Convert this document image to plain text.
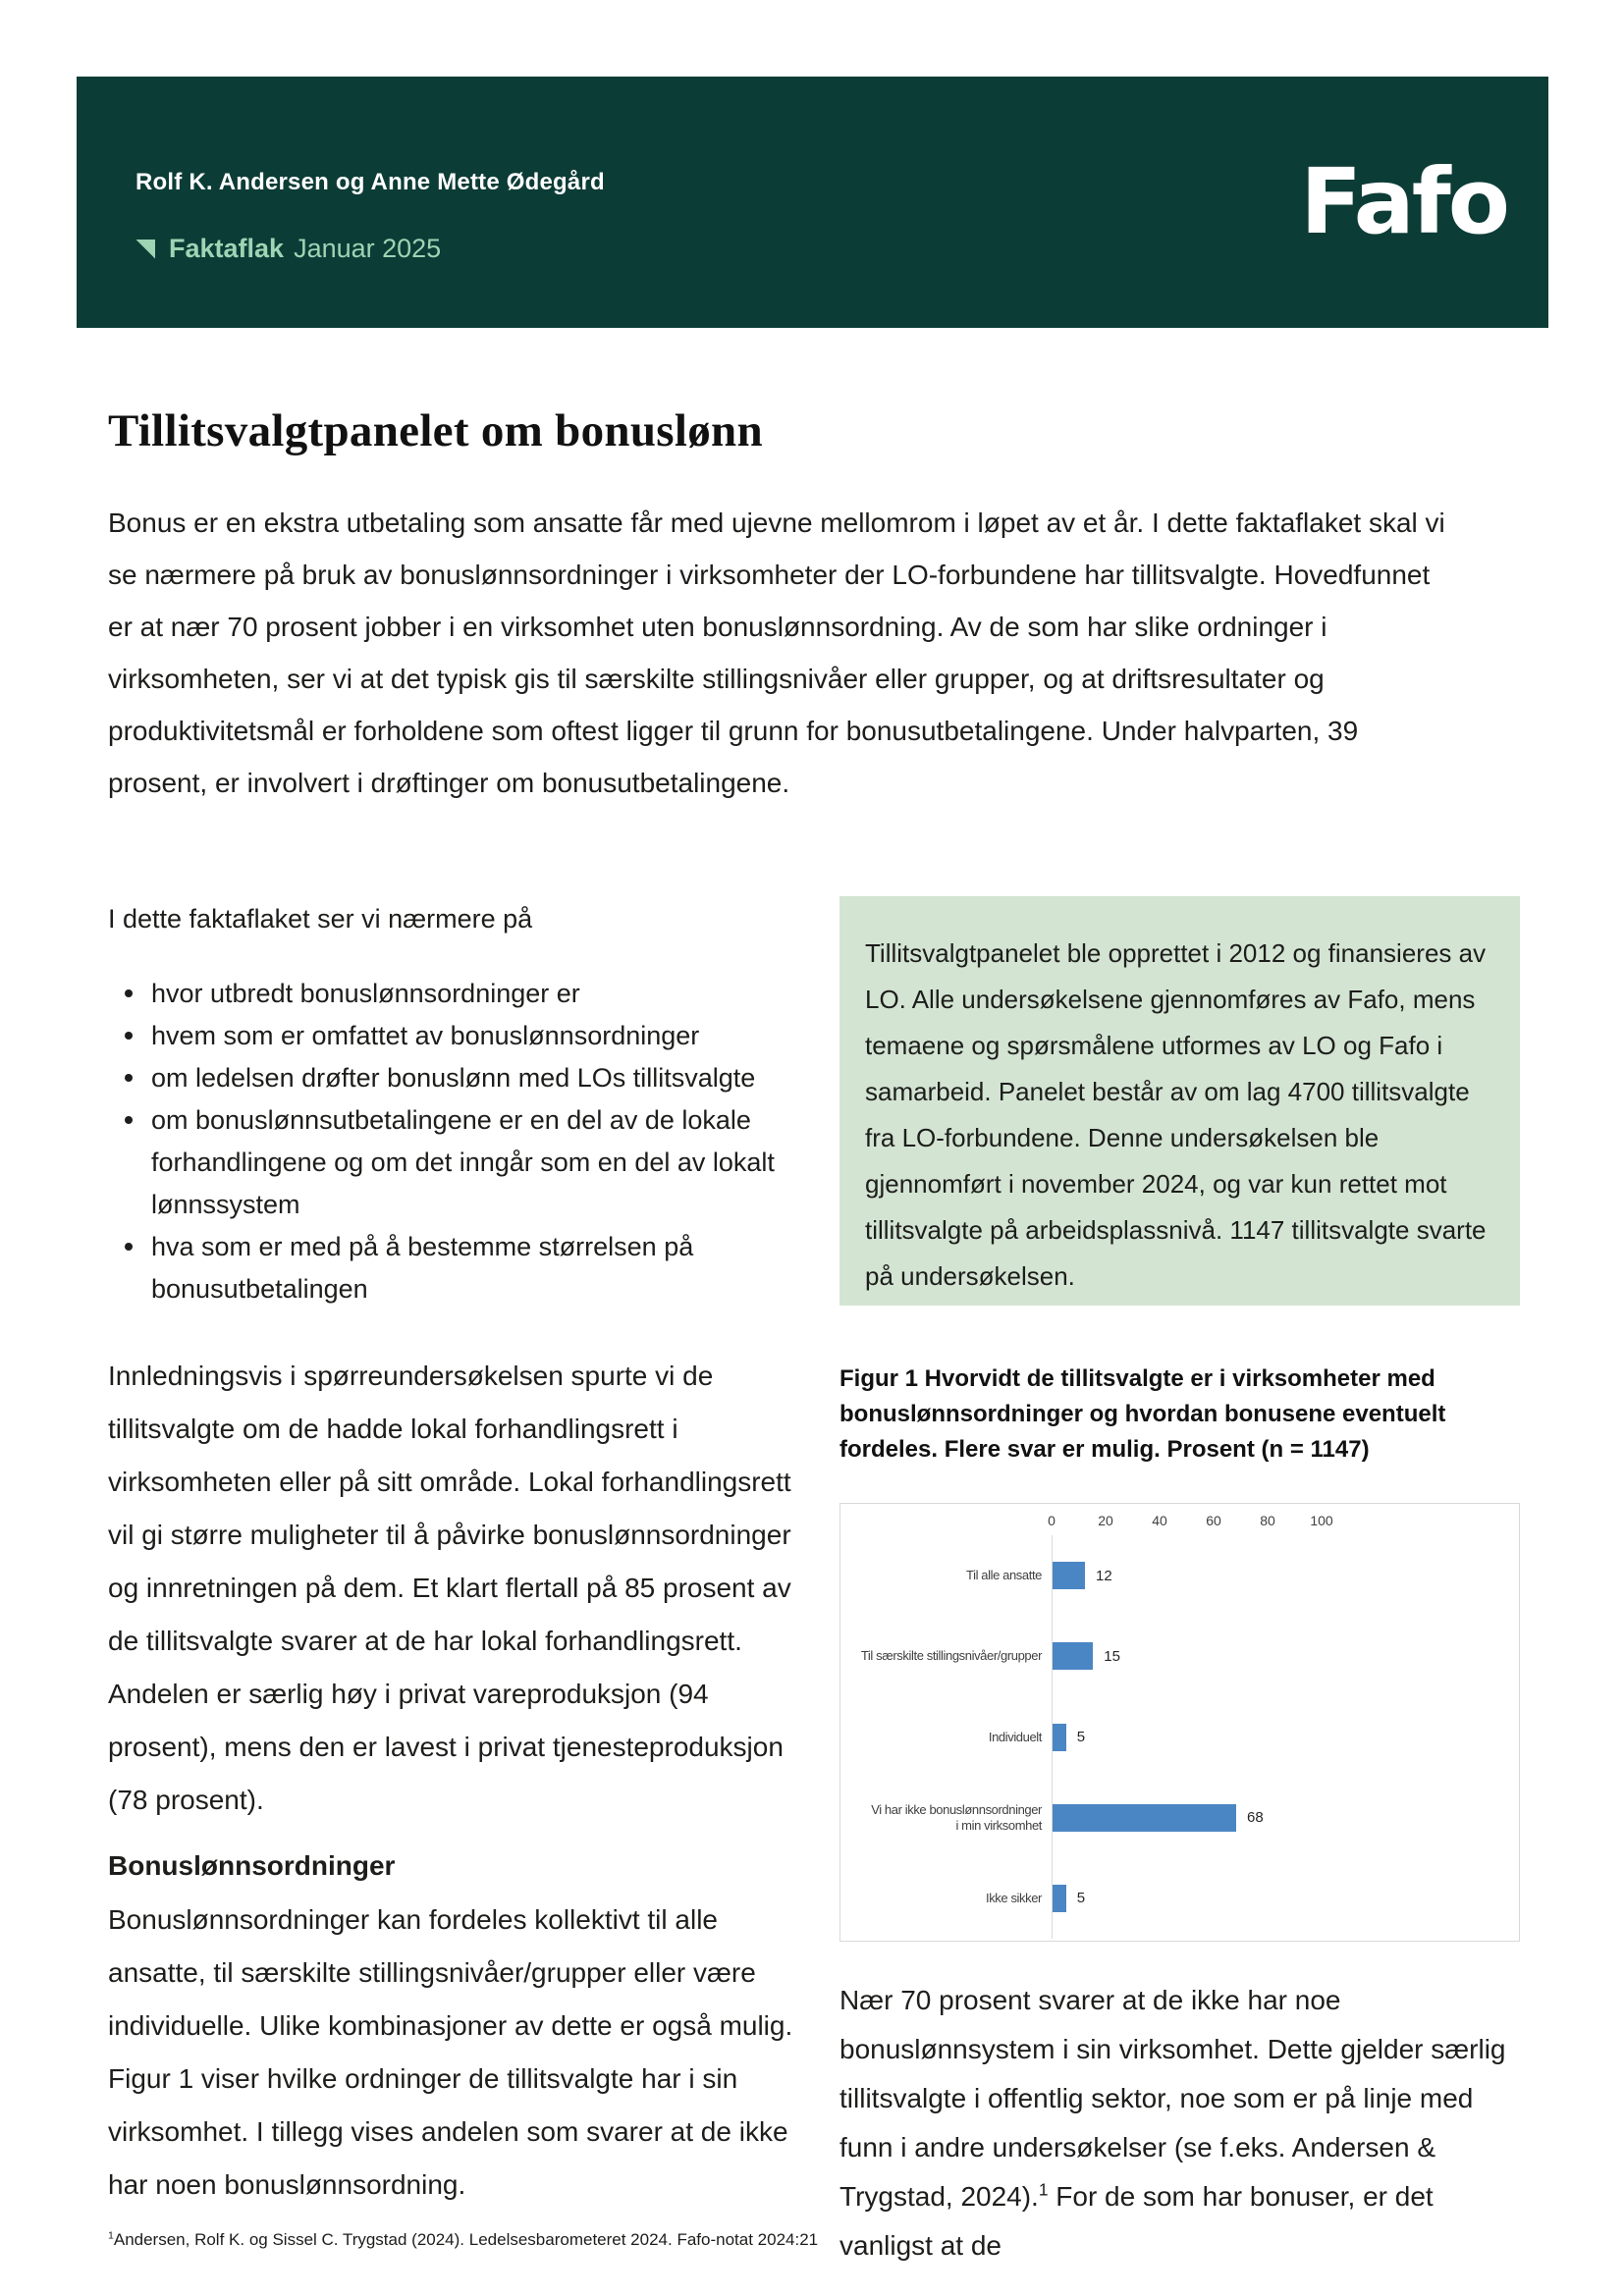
Rolf K. Andersen og Anne Mette Ødegård
Faktaflak Januar 2025	Fafo
Tillitsvalgtpanelet om bonuslønn
Bonus er en ekstra utbetaling som ansatte får med ujevne mellomrom i løpet av et år. I dette faktaflaket skal vi se nærmere på bruk av bonuslønnsordninger i virksomheter der LO-forbundene har tillitsvalgte. Hovedfunnet er at nær 70 prosent jobber i en virksomhet uten bonuslønnsordning. Av de som har slike ordninger i virksomheten, ser vi at det typisk gis til særskilte stillingsnivåer eller grupper, og at driftsresultater og produktivitetsmål er forholdene som oftest ligger til grunn for bonusutbetalingene. Under halvparten, 39 prosent, er involvert i drøftinger om bonusutbetalingene.
I dette faktaflaket ser vi nærmere på
hvor utbredt bonuslønnsordninger er
hvem som er omfattet av bonuslønnsordninger
om ledelsen drøfter bonuslønn med LOs tillitsvalgte
om bonuslønnsutbetalingene er en del av de lokale forhandlingene og om det inngår som en del av lokalt lønnssystem
hva som er med på å bestemme størrelsen på bonusutbetalingen
Innledningsvis i spørreundersøkelsen spurte vi de tillitsvalgte om de hadde lokal forhandlingsrett i virksomheten eller på sitt område. Lokal forhandlingsrett vil gi større muligheter til å påvirke bonuslønnsordninger og innretningen på dem. Et klart flertall på 85 prosent av de tillitsvalgte svarer at de har lokal forhandlingsrett. Andelen er særlig høy i privat vareproduksjon (94 prosent), mens den er lavest i privat tjenesteproduksjon (78 prosent).
Bonuslønnsordninger
Bonuslønnsordninger kan fordeles kollektivt til alle ansatte, til særskilte stillingsnivåer/grupper eller være individuelle. Ulike kombinasjoner av dette er også mulig. Figur 1 viser hvilke ordninger de tillitsvalgte har i sin virksomhet. I tillegg vises andelen som svarer at de ikke har noen bonuslønnsordning.
Tillitsvalgtpanelet ble opprettet i 2012 og finansieres av LO. Alle undersøkelsene gjennomføres av Fafo, mens temaene og spørsmålene utformes av LO og Fafo i samarbeid. Panelet består av om lag 4700 tillitsvalgte fra LO-forbundene. Denne undersøkelsen ble gjennomført i november 2024, og var kun rettet mot tillitsvalgte på arbeidsplassnivå. 1147 tillitsvalgte svarte på undersøkelsen.
Figur 1 Hvorvidt de tillitsvalgte er i virksomheter med bonuslønnsordninger og hvordan bonusene eventuelt fordeles. Flere svar er mulig. Prosent (n = 1147)
0	20	40	60	80	100
Til alle ansatte	12
Til særskilte stillingsnivåer/grupper	15
Individuelt 5
Vi har ikke bonuslønnsordninger
i min virksomhet	68
Ikke sikker 5
Nær 70 prosent svarer at de ikke har noe bonuslønnsystem i sin virksomhet. Dette gjelder særlig tillitsvalgte i offentlig sektor, noe som er på linje med funn i andre undersøkelser (se f.eks. Andersen & Trygstad, 2024).$^1$ For de som har bonuser, er det vanligst at de
$^1$Andersen, Rolf K. og Sissel C. Trygstad (2024). Ledelsesbarometeret 2024. Fafo-notat 2024:21
